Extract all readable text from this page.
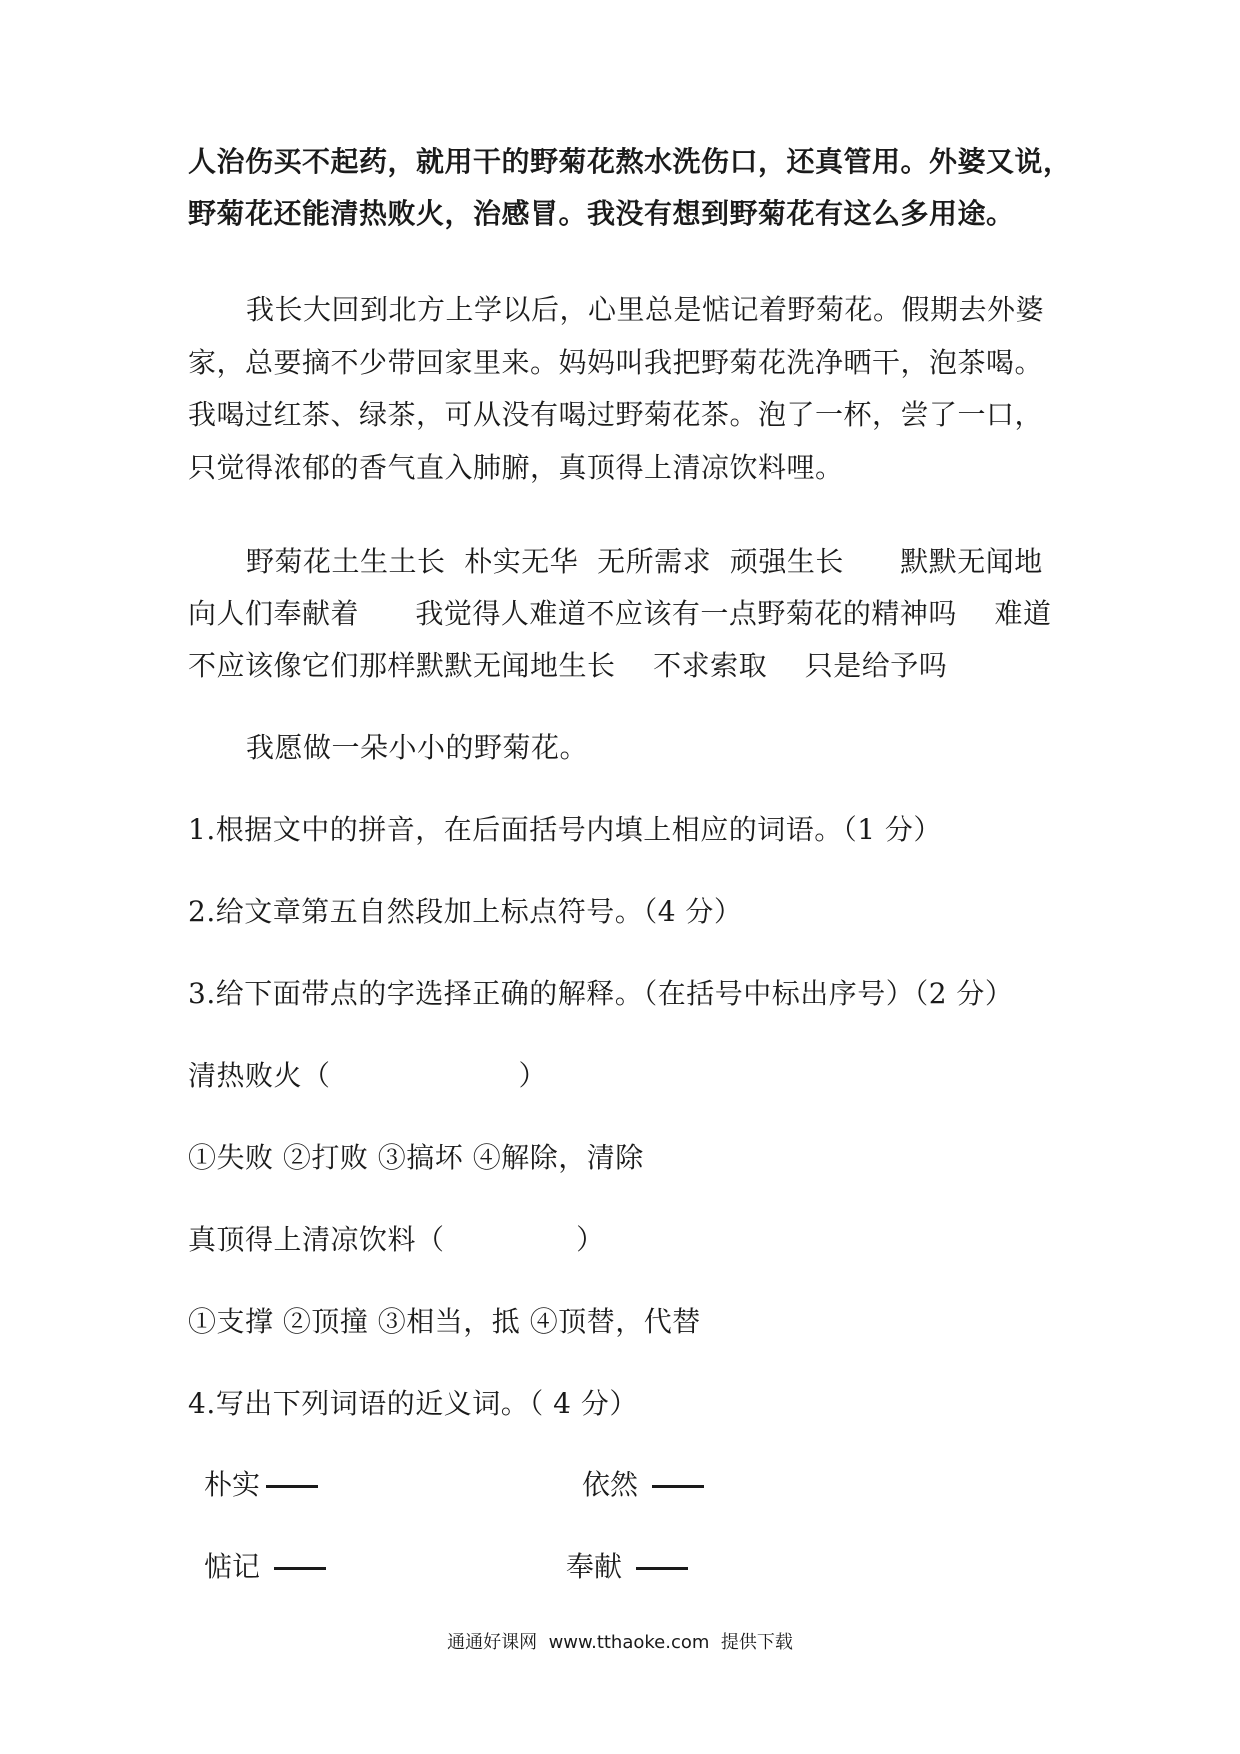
人治伤买不起药，就用干的野菊花熬水洗伤口，还真管用。外婆又说，
野菊花还能清热败火，治感冒。我没有想到野菊花有这么多用途。
我长大回到北方上学以后，心里总是惦记着野菊花。假期去外婆
家，总要摘不少带回家里来。妈妈叫我把野菊花洗净晒干，泡茶喝。
我喝过红茶、绿茶，可从没有喝过野菊花茶。泡了一杯，尝了一口，
只觉得浓郁的香气直入肺腑，真顶得上清凉饮料哩。
野菊花土生土长  朴实无华  无所需求  顽强生长      默默无闻地
向人们奉献着      我觉得人难道不应该有一点野菊花的精神吗    难道
不应该像它们那样默默无闻地生长    不求索取    只是给予吗
我愿做一朵小小的野菊花。
1.根据文中的拼音，在后面括号内填上相应的词语。（1 分）
2.给文章第五自然段加上标点符号。（4 分）
3.给下面带点的字选择正确的解释。（在括号中标出序号）（2 分）
清热败火（                    ）
①失败 ②打败 ③搞坏 ④解除，清除
真顶得上清凉饮料（              ）
①支撑 ②顶撞 ③相当，抵 ④顶替，代替
4.写出下列词语的近义词。（ 4 分）
朴实	依然
惦记	奉献
通通好课网  www.tthaoke.com  提供下载
